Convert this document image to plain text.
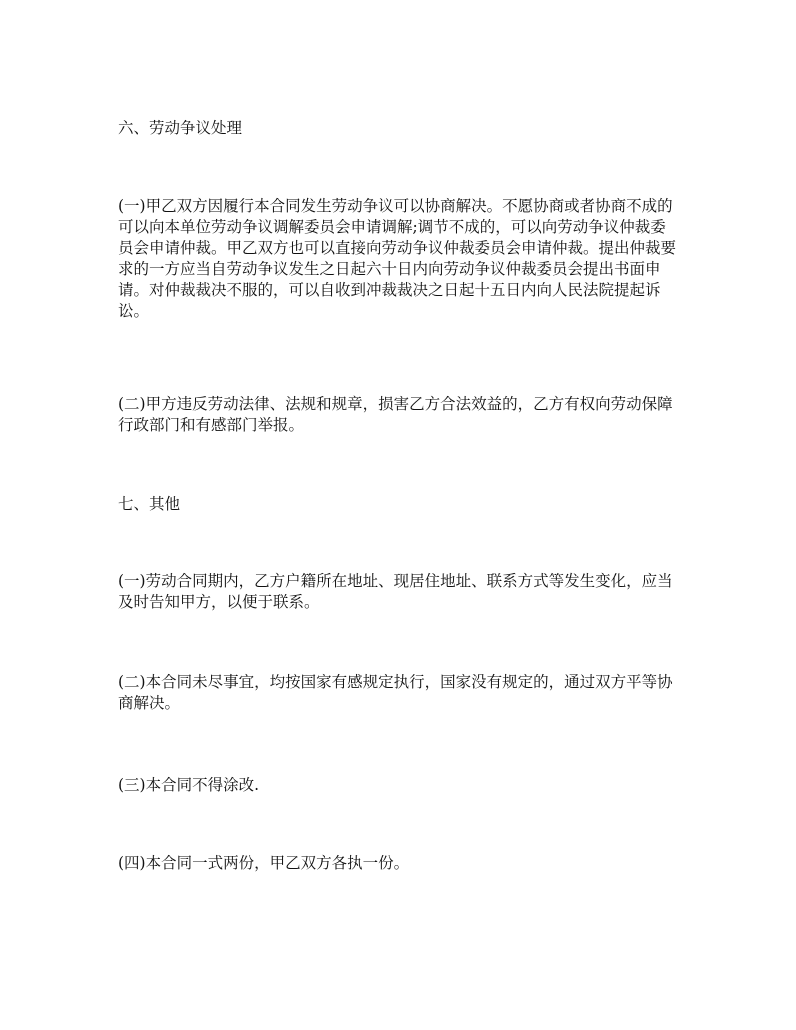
六、劳动争议处理

(一)甲乙双方因履行本合同发生劳动争议可以协商解决。不愿协商或者协商不成的

可以向本单位劳动争议调解委员会申请调解;调节不成的，可以向劳动争议仲裁委

员会申请仲裁。甲乙双方也可以直接向劳动争议仲裁委员会申请仲裁。提出仲裁要

求的一方应当自劳动争议发生之日起六十日内向劳动争议仲裁委员会提出书面申

请。对仲裁裁决不服的，可以自收到冲裁裁决之日起十五日内向人民法院提起诉

讼。

(二)甲方违反劳动法律、法规和规章，损害乙方合法效益的，乙方有权向劳动保障

行政部门和有感部门举报。

七、其他

(一)劳动合同期内，乙方户籍所在地址、现居住地址、联系方式等发生变化，应当

及时告知甲方，以便于联系。

(二)本合同未尽事宜，均按国家有感规定执行，国家没有规定的，通过双方平等协

商解决。

(三)本合同不得涂改.

(四)本合同一式两份，甲乙双方各执一份。
